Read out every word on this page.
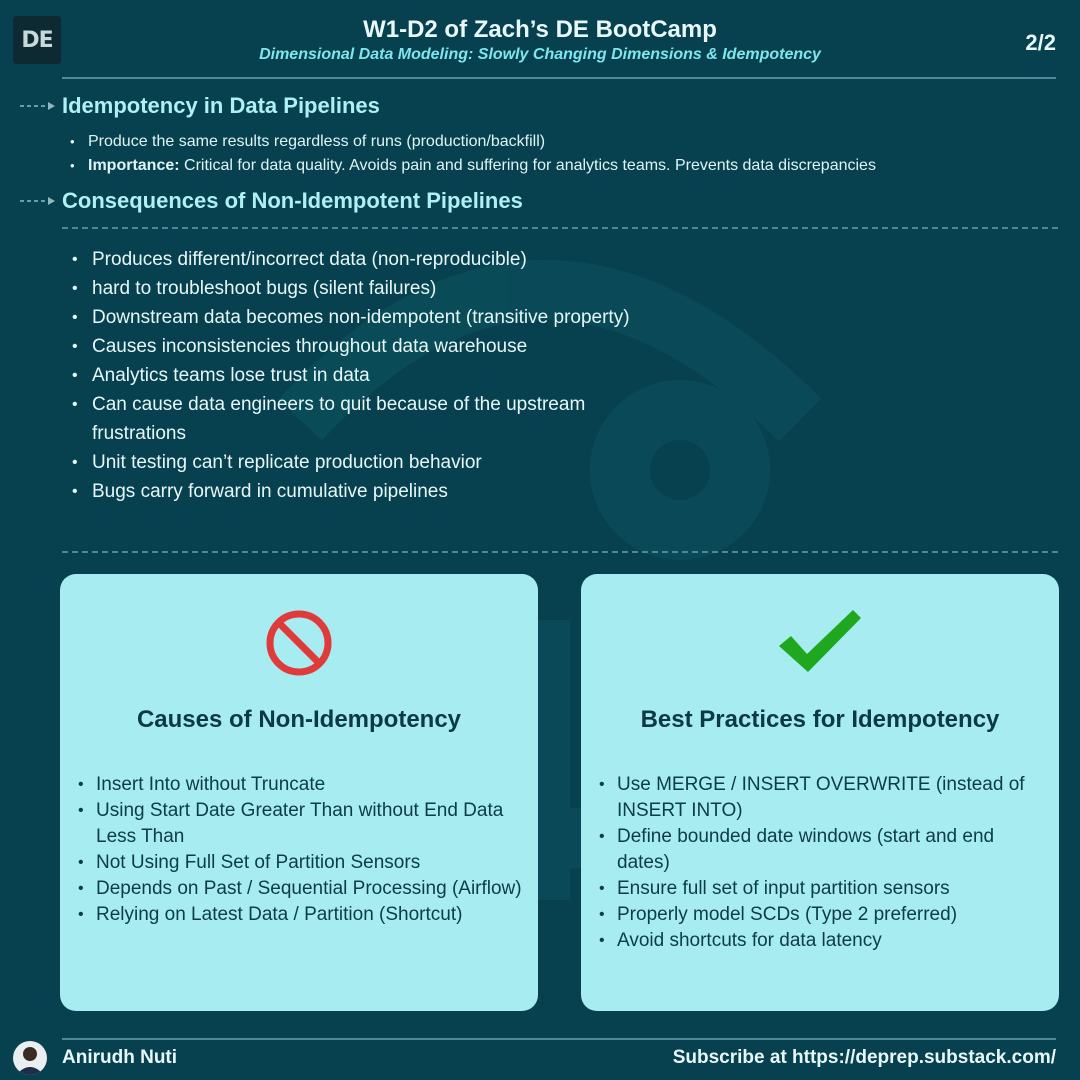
DE	W1-D2 of Zach’s DE BootCamp
Dimensional Data Modeling: Slowly Changing Dimensions & Idempotency	2/2
Idempotency in Data Pipelines
• Produce the same results regardless of runs (production/backfill)
• Importance: Critical for data quality. Avoids pain and suffering for analytics teams. Prevents data discrepancies
Consequences of Non-Idempotent Pipelines
• Produces different/incorrect data (non-reproducible)
• hard to troubleshoot bugs (silent failures)
• Downstream data becomes non-idempotent (transitive property)
• Causes inconsistencies throughout data warehouse
• Analytics teams lose trust in data
• Can cause data engineers to quit because of the upstream frustrations
• Unit testing can’t replicate production behavior
• Bugs carry forward in cumulative pipelines
Causes of Non-Idempotency
• Insert Into without Truncate
• Using Start Date Greater Than without End Data Less Than
• Not Using Full Set of Partition Sensors
• Depends on Past / Sequential Processing (Airflow)
• Relying on Latest Data / Partition (Shortcut)
Best Practices for Idempotency
• Use MERGE / INSERT OVERWRITE (instead of INSERT INTO)
• Define bounded date windows (start and end dates)
• Ensure full set of input partition sensors
• Properly model SCDs (Type 2 preferred)
• Avoid shortcuts for data latency
Anirudh Nuti	Subscribe at https://deprep.substack.com/
